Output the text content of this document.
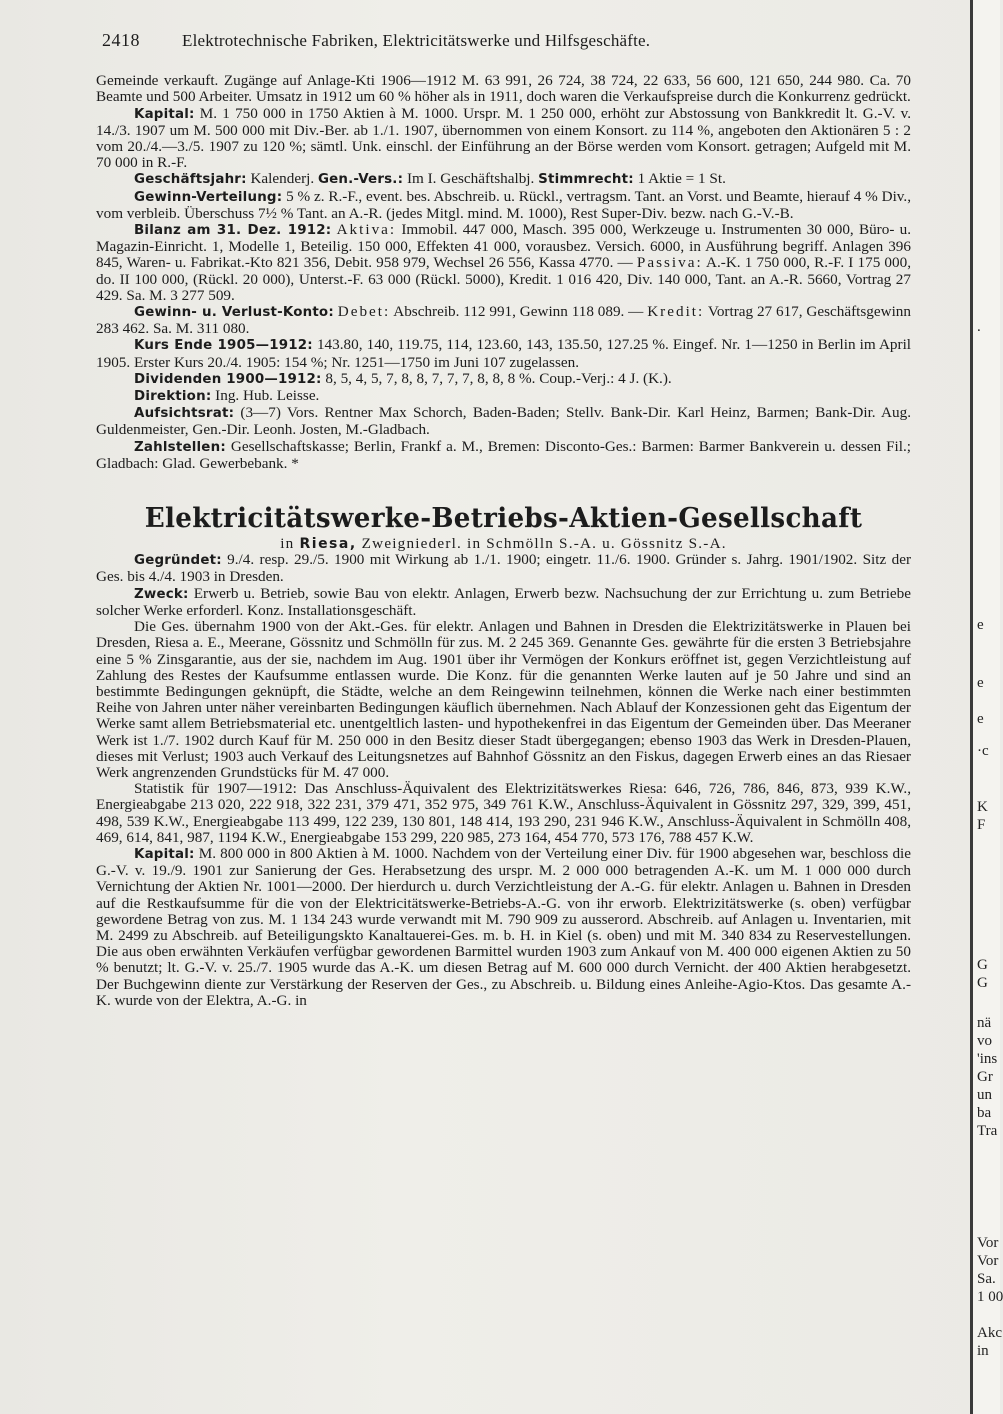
2418 Elektrotechnische Fabriken, Elektricitätswerke und Hilfsgeschäfte.

Gemeinde verkauft. Zugänge auf Anlage-Kti 1906—1912 M. 63 991, 26 724, 38 724, 22 633, 56 600, 121 650, 244 980. Ca. 70 Beamte und 500 Arbeiter. Umsatz in 1912 um 60 % höher als in 1911, doch waren die Verkaufspreise durch die Konkurrenz gedrückt.

Kapital: M. 1 750 000 in 1750 Aktien à M. 1000. Urspr. M. 1 250 000, erhöht zur Abstossung von Bankkredit lt. G.-V. v. 14./3. 1907 um M. 500 000 mit Div.-Ber. ab 1./1. 1907, übernommen von einem Konsort. zu 114 %, angeboten den Aktionären 5 : 2 vom 20./4.—3./5. 1907 zu 120 %; sämtl. Unk. einschl. der Einführung an der Börse werden vom Konsort. getragen; Aufgeld mit M. 70 000 in R.-F.

Geschäftsjahr: Kalenderj. Gen.-Vers.: Im I. Geschäftshalbj. Stimmrecht: 1 Aktie = 1 St.

Gewinn-Verteilung: 5 % z. R.-F., event. bes. Abschreib. u. Rückl., vertragsm. Tant. an Vorst. und Beamte, hierauf 4 % Div., vom verbleib. Überschuss 7½ % Tant. an A.-R. (jedes Mitgl. mind. M. 1000), Rest Super-Div. bezw. nach G.-V.-B.

Bilanz am 31. Dez. 1912: Aktiva: Immobil. 447 000, Masch. 395 000, Werkzeuge u. Instrumenten 30 000, Büro- u. Magazin-Einricht. 1, Modelle 1, Beteilig. 150 000, Effekten 41 000, vorausbez. Versich. 6000, in Ausführung begriff. Anlagen 396 845, Waren- u. Fabrikat.-Kto 821 356, Debit. 958 979, Wechsel 26 556, Kassa 4770. — Passiva: A.-K. 1 750 000, R.-F. I 175 000, do. II 100 000, (Rückl. 20 000), Unterst.-F. 63 000 (Rückl. 5000), Kredit. 1 016 420, Div. 140 000, Tant. an A.-R. 5660, Vortrag 27 429. Sa. M. 3 277 509.

Gewinn- u. Verlust-Konto: Debet: Abschreib. 112 991, Gewinn 118 089. — Kredit: Vortrag 27 617, Geschäftsgewinn 283 462. Sa. M. 311 080.

Kurs Ende 1905—1912: 143.80, 140, 119.75, 114, 123.60, 143, 135.50, 127.25 %. Eingef. Nr. 1—1250 in Berlin im April 1905. Erster Kurs 20./4. 1905: 154 %; Nr. 1251—1750 im Juni 107 zugelassen.

Dividenden 1900—1912: 8, 5, 4, 5, 7, 8, 8, 7, 7, 7, 8, 8, 8 %. Coup.-Verj.: 4 J. (K.).

Direktion: Ing. Hub. Leisse.

Aufsichtsrat: (3—7) Vors. Rentner Max Schorch, Baden-Baden; Stellv. Bank-Dir. Karl Heinz, Barmen; Bank-Dir. Aug. Guldenmeister, Gen.-Dir. Leonh. Josten, M.-Gladbach.

Zahlstellen: Gesellschaftskasse; Berlin, Frankf a. M., Bremen: Disconto-Ges.: Barmen: Barmer Bankverein u. dessen Fil.; Gladbach: Glad. Gewerbebank. *

Elektricitätswerke-Betriebs-Aktien-Gesellschaft

in Riesa, Zweigniederl. in Schmölln S.-A. u. Gössnitz S.-A.

Gegründet: 9./4. resp. 29./5. 1900 mit Wirkung ab 1./1. 1900; eingetr. 11./6. 1900. Gründer s. Jahrg. 1901/1902. Sitz der Ges. bis 4./4. 1903 in Dresden.

Zweck: Erwerb u. Betrieb, sowie Bau von elektr. Anlagen, Erwerb bezw. Nachsuchung der zur Errichtung u. zum Betriebe solcher Werke erforderl. Konz. Installationsgeschäft.

Die Ges. übernahm 1900 von der Akt.-Ges. für elektr. Anlagen und Bahnen in Dresden die Elektrizitätswerke in Plauen bei Dresden, Riesa a. E., Meerane, Gössnitz und Schmölln für zus. M. 2 245 369. Genannte Ges. gewährte für die ersten 3 Betriebsjahre eine 5 % Zinsgarantie, aus der sie, nachdem im Aug. 1901 über ihr Vermögen der Konkurs eröffnet ist, gegen Verzichtleistung auf Zahlung des Restes der Kaufsumme entlassen wurde. Die Konz. für die genannten Werke lauten auf je 50 Jahre und sind an bestimmte Bedingungen geknüpft, die Städte, welche an dem Reingewinn teilnehmen, können die Werke nach einer bestimmten Reihe von Jahren unter näher vereinbarten Bedingungen käuflich übernehmen. Nach Ablauf der Konzessionen geht das Eigentum der Werke samt allem Betriebsmaterial etc. unentgeltlich lasten- und hypothekenfrei in das Eigentum der Gemeinden über. Das Meeraner Werk ist 1./7. 1902 durch Kauf für M. 250 000 in den Besitz dieser Stadt übergegangen; ebenso 1903 das Werk in Dresden-Plauen, dieses mit Verlust; 1903 auch Verkauf des Leitungsnetzes auf Bahnhof Gössnitz an den Fiskus, dagegen Erwerb eines an das Riesaer Werk angrenzenden Grundstücks für M. 47 000.

Statistik für 1907—1912: Das Anschluss-Äquivalent des Elektrizitätswerkes Riesa: 646, 726, 786, 846, 873, 939 K.W., Energieabgabe 213 020, 222 918, 322 231, 379 471, 352 975, 349 761 K.W., Anschluss-Äquivalent in Gössnitz 297, 329, 399, 451, 498, 539 K.W., Energieabgabe 113 499, 122 239, 130 801, 148 414, 193 290, 231 946 K.W., Anschluss-Äquivalent in Schmölln 408, 469, 614, 841, 987, 1194 K.W., Energieabgabe 153 299, 220 985, 273 164, 454 770, 573 176, 788 457 K.W.

Kapital: M. 800 000 in 800 Aktien à M. 1000. Nachdem von der Verteilung einer Div. für 1900 abgesehen war, beschloss die G.-V. v. 19./9. 1901 zur Sanierung der Ges. Herabsetzung des urspr. M. 2 000 000 betragenden A.-K. um M. 1 000 000 durch Vernichtung der Aktien Nr. 1001—2000. Der hierdurch u. durch Verzichtleistung der A.-G. für elektr. Anlagen u. Bahnen in Dresden auf die Restkaufsumme für die von der Elektricitätswerke-Betriebs-A.-G. von ihr erworb. Elektrizitätswerke (s. oben) verfügbar gewordene Betrag von zus. M. 1 134 243 wurde verwandt mit M. 790 909 zu ausserord. Abschreib. auf Anlagen u. Inventarien, mit M. 2499 zu Abschreib. auf Beteiligungskto Kanaltauerei-Ges. m. b. H. in Kiel (s. oben) und mit M. 340 834 zu Reservestellungen. Die aus oben erwähnten Verkäufen verfügbar gewordenen Barmittel wurden 1903 zum Ankauf von M. 400 000 eigenen Aktien zu 50 % benutzt; lt. G.-V. v. 25./7. 1905 wurde das A.-K. um diesen Betrag auf M. 600 000 durch Vernicht. der 400 Aktien herabgesetzt. Der Buchgewinn diente zur Verstärkung der Reserven der Ges., zu Abschreib. u. Bildung eines Anleihe-Agio-Ktos. Das gesamte A.-K. wurde von der Elektra, A.-G. in

.
e
e
e
·c
K
F
G
G
nä
vo
'ins
Gr
un
ba
Tra
Vor
Vor
Sa.
1 00
Akc
in
